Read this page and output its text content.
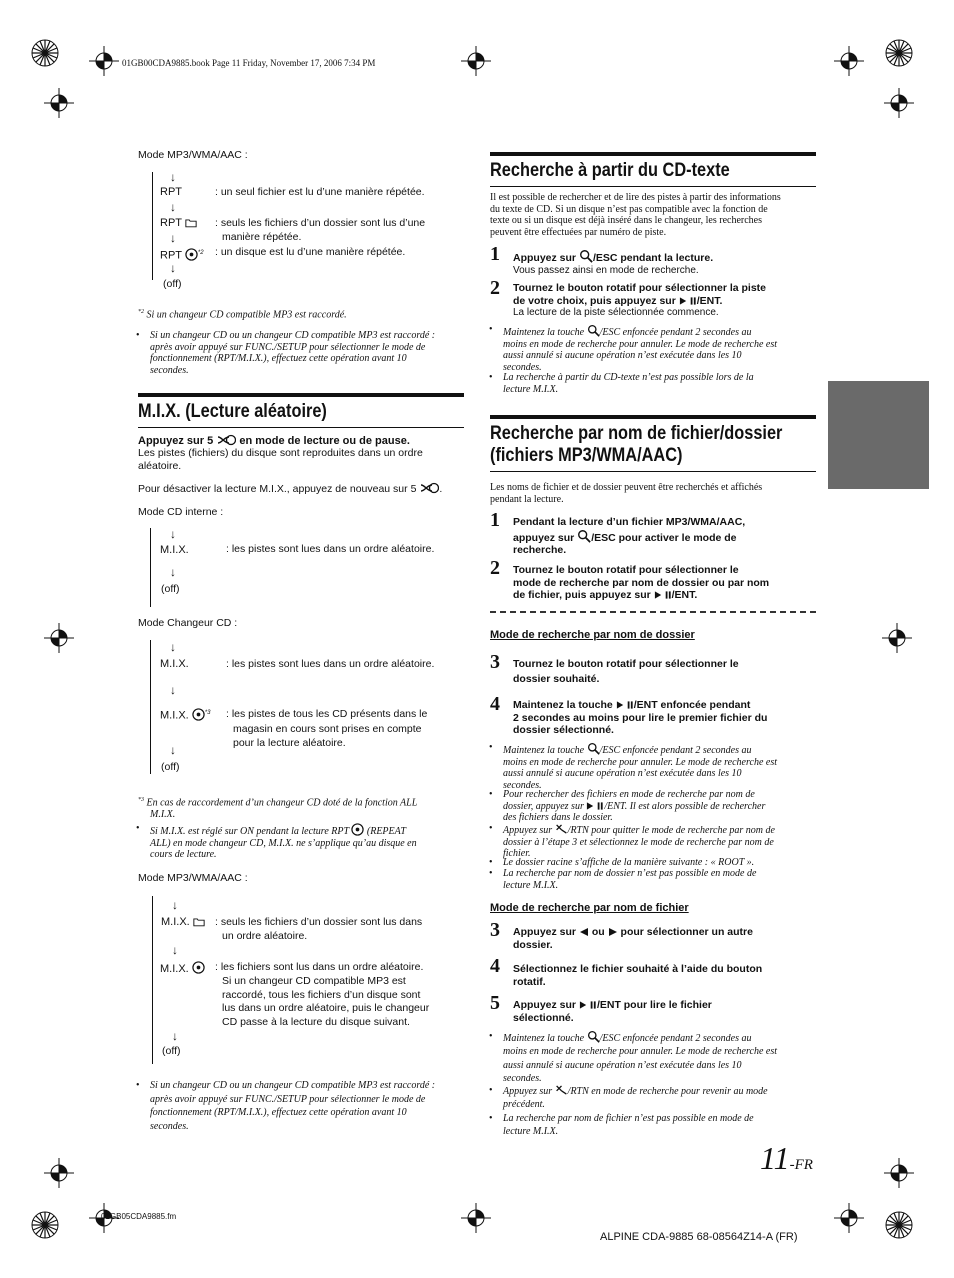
01GB00CDA9885.book Page 11 Friday, November 17, 2006 7:34 PM
Mode MP3/WMA/AAC :
↓
RPT	: un seul fichier est lu d’une manière répétée.
↓
RPT	: seuls les fichiers d’un dossier sont lus d’une
manière répétée.
↓
RPT	$^{*2}$ : un disque est lu d’une manière répétée.
↓
(off)
$^{*2}$ Si un changeur CD compatible MP3 est raccordé.
• Si un changeur CD ou un changeur CD compatible MP3 est raccordé :
après avoir appuyé sur FUNC./SETUP pour sélectionner le mode de
fonctionnement (RPT/M.I.X.), effectuez cette opération avant 10
secondes.
M.I.X. (Lecture aléatoire)
Appuyez sur 5 en mode de lecture ou de pause.
Les pistes (fichiers) du disque sont reproduites dans un ordre
aléatoire.
Pour désactiver la lecture M.I.X., appuyez de nouveau sur 5 .
Mode CD interne :
↓
M.I.X.	: les pistes sont lues dans un ordre aléatoire.
↓
(off)
Mode Changeur CD :
↓
M.I.X.	: les pistes sont lues dans un ordre aléatoire.
↓
M.I.X.	$^{*3}$ : les pistes de tous les CD présents dans le
magasin en cours sont prises en compte
pour la lecture aléatoire.
↓
(off)
$^{*3}$ En cas de raccordement d’un changeur CD doté de la fonction ALL
M.I.X.
• Si M.I.X. est réglé sur ON pendant la lecture RPT (REPEAT
ALL) en mode changeur CD, M.I.X. ne s’applique qu’au disque en
cours de lecture.
Mode MP3/WMA/AAC :
↓
M.I.X.	: seuls les fichiers d’un dossier sont lus dans
un ordre aléatoire.
↓
M.I.X.	: les fichiers sont lus dans un ordre aléatoire.
Si un changeur CD compatible MP3 est
raccordé, tous les fichiers d’un disque sont
lus dans un ordre aléatoire, puis le changeur
CD passe à la lecture du disque suivant.
↓
(off)
• Si un changeur CD ou un changeur CD compatible MP3 est raccordé :
après avoir appuyé sur FUNC./SETUP pour sélectionner le mode de
fonctionnement (RPT/M.I.X.), effectuez cette opération avant 10
secondes.
Recherche à partir du CD-texte
Il est possible de rechercher et de lire des pistes à partir des informations
du texte de CD. Si un disque n’est pas compatible avec la fonction de
texte ou si un disque est déjà inséré dans le changeur, les recherches
peuvent être effectuées par numéro de piste.
1 Appuyez sur /ESC pendant la lecture.
Vous passez ainsi en mode de recherche.
2 Tournez le bouton rotatif pour sélectionner la piste
de votre choix, puis appuyez sur /ENT.
La lecture de la piste sélectionnée commence.
• Maintenez la touche /ESC enfoncée pendant 2 secondes au
moins en mode de recherche pour annuler. Le mode de recherche est
aussi annulé si aucune opération n’est exécutée dans les 10
secondes.
• La recherche à partir du CD-texte n’est pas possible lors de la
lecture M.I.X.
Recherche par nom de fichier/dossier
(fichiers MP3/WMA/AAC)
Les noms de fichier et de dossier peuvent être recherchés et affichés
pendant la lecture.
1 Pendant la lecture d’un fichier MP3/WMA/AAC,
appuyez sur /ESC pour activer le mode de
recherche.
2 Tournez le bouton rotatif pour sélectionner le
mode de recherche par nom de dossier ou par nom
de fichier, puis appuyez sur /ENT.
Mode de recherche par nom de dossier
3 Tournez le bouton rotatif pour sélectionner le
dossier souhaité.
4 Maintenez la touche /ENT enfoncée pendant
2 secondes au moins pour lire le premier fichier du
dossier sélectionné.
• Maintenez la touche /ESC enfoncée pendant 2 secondes au
moins en mode de recherche pour annuler. Le mode de recherche est
aussi annulé si aucune opération n’est exécutée dans les 10
secondes.
• Pour rechercher des fichiers en mode de recherche par nom de
dossier, appuyez sur /ENT. Il est alors possible de rechercher
des fichiers dans le dossier.
• Appuyez sur /RTN pour quitter le mode de recherche par nom de
dossier à l’étape 3 et sélectionnez le mode de recherche par nom de
fichier.
• Le dossier racine s’affiche de la manière suivante : « ROOT ».
• La recherche par nom de dossier n’est pas possible en mode de
lecture M.I.X.
Mode de recherche par nom de fichier
3 Appuyez sur ou pour sélectionner un autre
dossier.
4 Sélectionnez le fichier souhaité à l’aide du bouton
rotatif.
5 Appuyez sur /ENT pour lire le fichier
sélectionné.
• Maintenez la touche /ESC enfoncée pendant 2 secondes au
moins en mode de recherche pour annuler. Le mode de recherche est
aussi annulé si aucune opération n’est exécutée dans les 10
secondes.
• Appuyez sur /RTN en mode de recherche pour revenir au mode
précédent.
• La recherche par nom de fichier n’est pas possible en mode de
lecture M.I.X.
11-FR
01GB05CDA9885.fm
ALPINE CDA-9885 68-08564Z14-A (FR)
